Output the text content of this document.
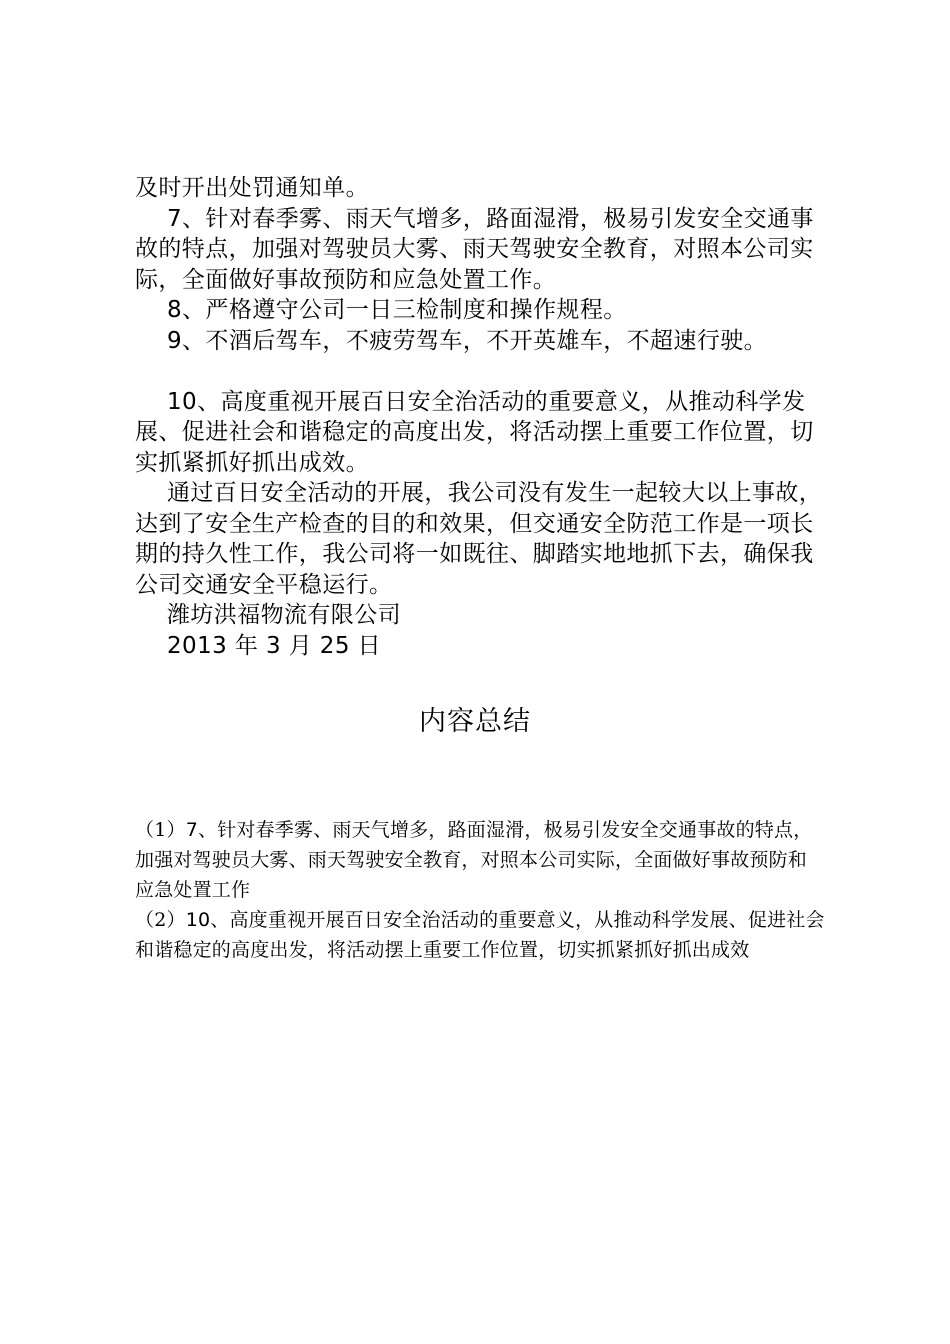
及时开出处罚通知单。

7、针对春季雾、雨天气增多，路面湿滑，极易引发安全交通事故的特点，加强对驾驶员大雾、雨天驾驶安全教育，对照本公司实际，全面做好事故预防和应急处置工作。

8、严格遵守公司一日三检制度和操作规程。

9、不酒后驾车，不疲劳驾车，不开英雄车，不超速行驶。

10、高度重视开展百日安全治活动的重要意义，从推动科学发展、促进社会和谐稳定的高度出发，将活动摆上重要工作位置，切实抓紧抓好抓出成效。

通过百日安全活动的开展，我公司没有发生一起较大以上事故，达到了安全生产检查的目的和效果，但交通安全防范工作是一项长期的持久性工作，我公司将一如既往、脚踏实地地抓下去，确保我公司交通安全平稳运行。

潍坊洪福物流有限公司

2013 年 3 月 25 日

内容总结

（1）7、针对春季雾、雨天气增多，路面湿滑，极易引发安全交通事故的特点，加强对驾驶员大雾、雨天驾驶安全教育，对照本公司实际，全面做好事故预防和应急处置工作

（2）10、高度重视开展百日安全治活动的重要意义，从推动科学发展、促进社会和谐稳定的高度出发，将活动摆上重要工作位置，切实抓紧抓好抓出成效
